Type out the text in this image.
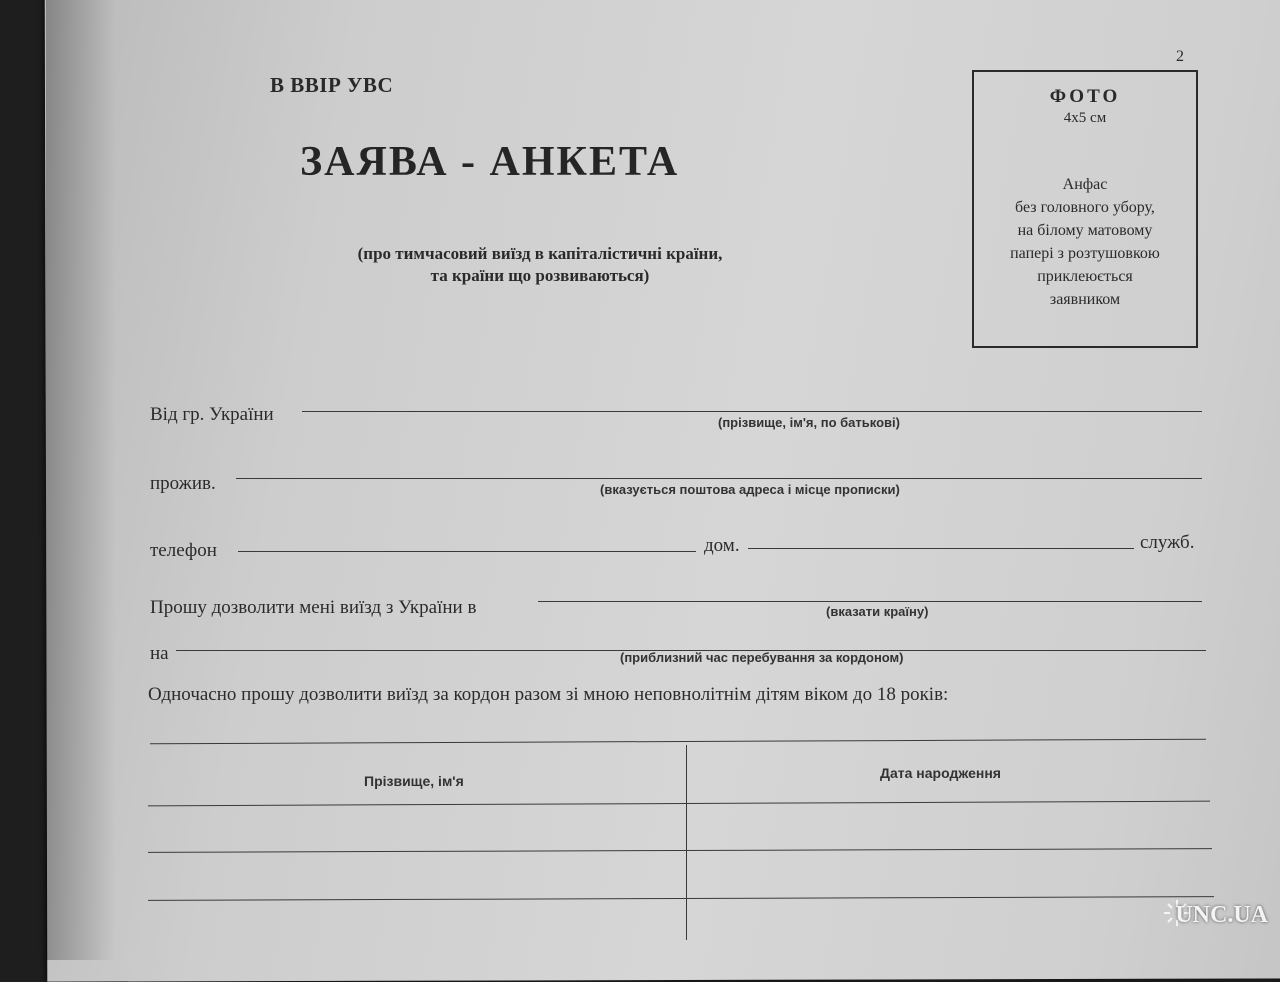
2
В ВВІР УВС
ЗАЯВА - АНКЕТА
(про тимчасовий виїзд в капіталістичні країни,
та країни що розвиваються)
ФОТО
4x5 см
Анфас
без головного убору,
на білому матовому
папері з розтушовкою
приклеюється
заявником
Від гр. України	(прізвище, ім'я, по батькові)
прожив.	(вказується поштова адреса і місце прописки)
телефон	дом.	служб.
Прошу дозволити мені виїзд з України в	(вказати країну)
на	(приблизний час перебування за кордоном)
Одночасно прошу дозволити виїзд за кордон разом зі мною неповнолітнім дітям віком до 18 років:
Прізвище, ім'я	Дата народження
UNC.UA
